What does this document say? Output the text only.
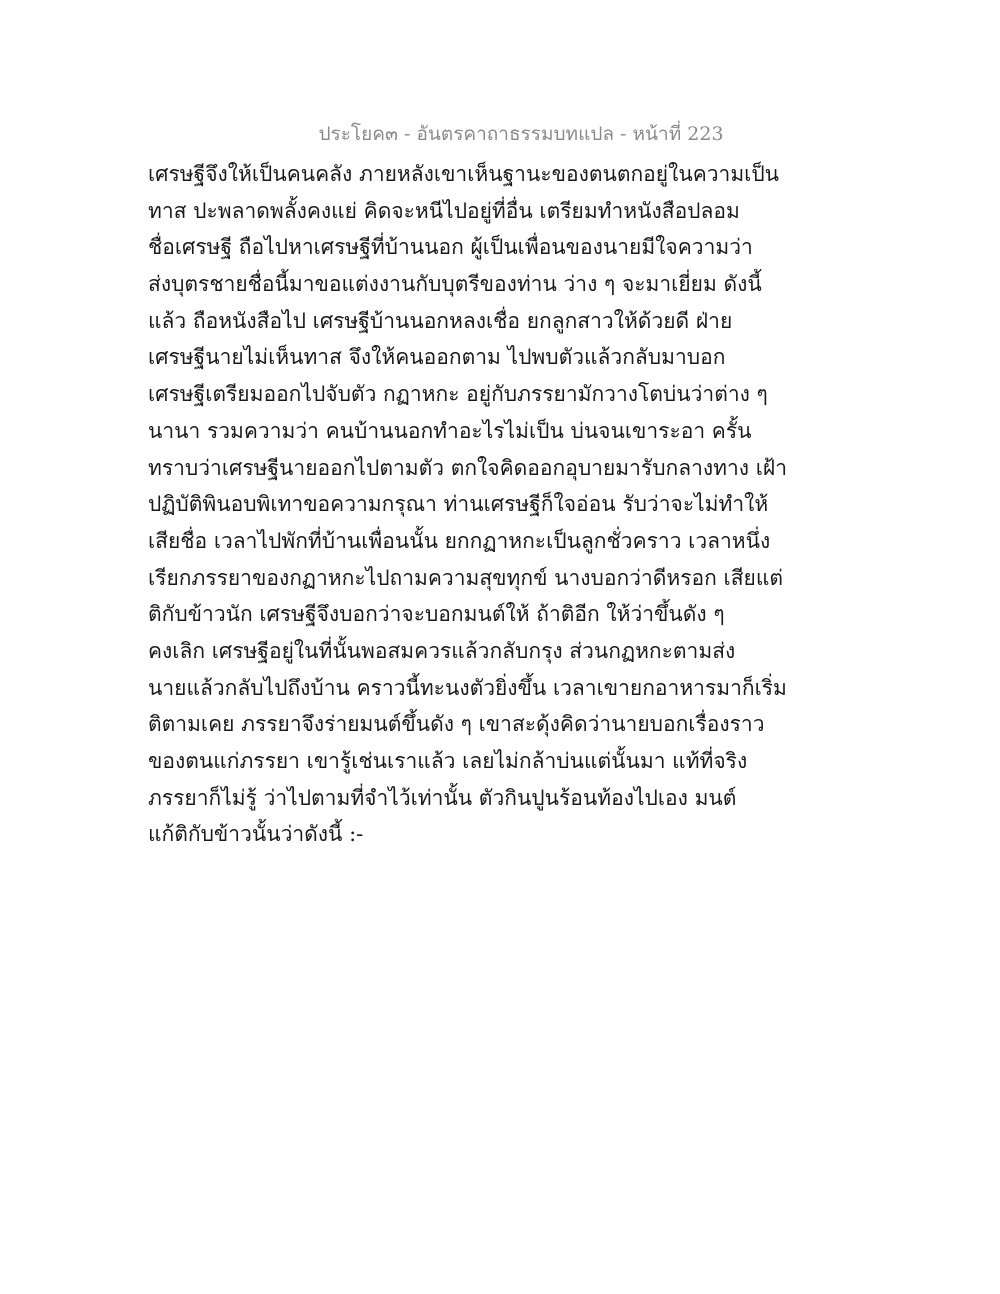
ประโยค๓ - อันตรคาถาธรรมบทแปล - หน้าที่ 223
เศรษฐีจึงให้เป็นคนคลัง ภายหลังเขาเห็นฐานะของตนตกอยู่ในความเป็น
ทาส ปะพลาดพลั้งคงแย่ คิดจะหนีไปอยู่ที่อื่น เตรียมทำหนังสือปลอม
ชื่อเศรษฐี ถือไปหาเศรษฐีที่บ้านนอก ผู้เป็นเพื่อนของนายมีใจความว่า
ส่งบุตรชายชื่อนี้มาขอแต่งงานกับบุตรีของท่าน ว่าง ๆ จะมาเยี่ยม ดังนี้
แล้ว ถือหนังสือไป เศรษฐีบ้านนอกหลงเชื่อ ยกลูกสาวให้ด้วยดี ฝ่าย
เศรษฐีนายไม่เห็นทาส จึงให้คนออกตาม ไปพบตัวแล้วกลับมาบอก
เศรษฐีเตรียมออกไปจับตัว กฏาหกะ อยู่กับภรรยามักวางโตบ่นว่าต่าง ๆ
นานา รวมความว่า คนบ้านนอกทำอะไรไม่เป็น บ่นจนเขาระอา ครั้น
ทราบว่าเศรษฐีนายออกไปตามตัว ตกใจคิดออกอุบายมารับกลางทาง เฝ้า
ปฏิบัติพินอบพิเทาขอความกรุณา ท่านเศรษฐีก็ใจอ่อน รับว่าจะไม่ทำให้
เสียชื่อ เวลาไปพักที่บ้านเพื่อนนั้น ยกกฏาหกะเป็นลูกชั่วคราว เวลาหนึ่ง
เรียกภรรยาของกฏาหกะไปถามความสุขทุกข์ นางบอกว่าดีหรอก เสียแต่
ติกับข้าวนัก เศรษฐีจึงบอกว่าจะบอกมนต์ให้ ถ้าติอีก ให้ว่าขึ้นดัง ๆ
คงเลิก เศรษฐีอยู่ในที่นั้นพอสมควรแล้วกลับกรุง ส่วนกฏหกะตามส่ง
นายแล้วกลับไปถึงบ้าน คราวนี้ทะนงตัวยิ่งขึ้น เวลาเขายกอาหารมาก็เริ่ม
ติตามเคย ภรรยาจึงร่ายมนต์ขึ้นดัง ๆ เขาสะดุ้งคิดว่านายบอกเรื่องราว
ของตนแก่ภรรยา เขารู้เช่นเราแล้ว เลยไม่กล้าบ่นแต่นั้นมา แท้ที่จริง
ภรรยาก็ไม่รู้ ว่าไปตามที่จำไว้เท่านั้น ตัวกินปูนร้อนท้องไปเอง มนต์
แก้ติกับข้าวนั้นว่าดังนี้ :-
